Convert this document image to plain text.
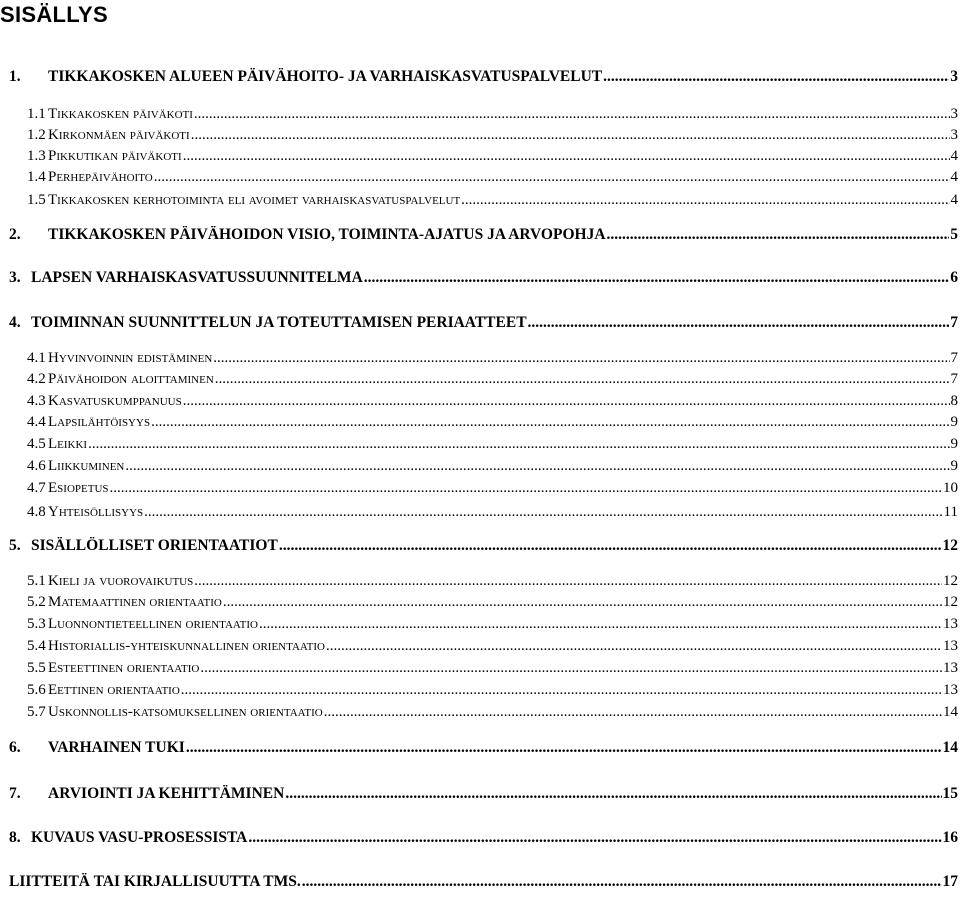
SISÄLLYS
1.	TIKKAKOSKEN ALUEEN PÄIVÄHOITO- JA VARHAISKASVATUSPALVELUT .....	3
1.1 Tikkakosken päiväkoti .....	3
1.2 Kirkonmäen päiväkoti .....	3
1.3 Pikkutikan päiväkoti .....	4
1.4 Perhepäivähoito .....	4
1.5 Tikkakosken kerhotoiminta eli avoimet varhaiskasvatuspalvelut .....	4
2.	TIKKAKOSKEN PÄIVÄHOIDON VISIO, TOIMINTA-AJATUS JA ARVOPOHJA .....	5
3. LAPSEN VARHAISKASVATUSSUUNNITELMA .....	6
4. TOIMINNAN SUUNNITTELUN JA TOTEUTTAMISEN PERIAATTEET .....	7
4.1 Hyvinvoinnin edistäminen .....	7
4.2 Päivähoidon aloittaminen .....	7
4.3 Kasvatuskumppanuus .....	8
4.4 Lapsilähtöisyys .....	9
4.5 Leikki .....	9
4.6 Liikkuminen .....	9
4.7 Esiopetus .....	10
4.8 Yhteisöllisyys .....	11
5. SISÄLLÖLLISET ORIENTAATIOT .....	12
5.1 Kieli ja vuorovaikutus .....	12
5.2 Matemaattinen orientaatio .....	12
5.3 Luonnontieteellinen orientaatio .....	13
5.4 Historiallis-yhteiskunnallinen orientaatio .....	13
5.5 Esteettinen orientaatio .....	13
5.6 Eettinen orientaatio .....	13
5.7 Uskonnollis-katsomuksellinen orientaatio .....	14
6.	VARHAINEN TUKI .....	14
7.	ARVIOINTI JA KEHITTÄMINEN .....	15
8. KUVAUS VASU-PROSESSISTA .....	16
LIITTEITÄ TAI KIRJALLISUUTTA TMS. .....	17
